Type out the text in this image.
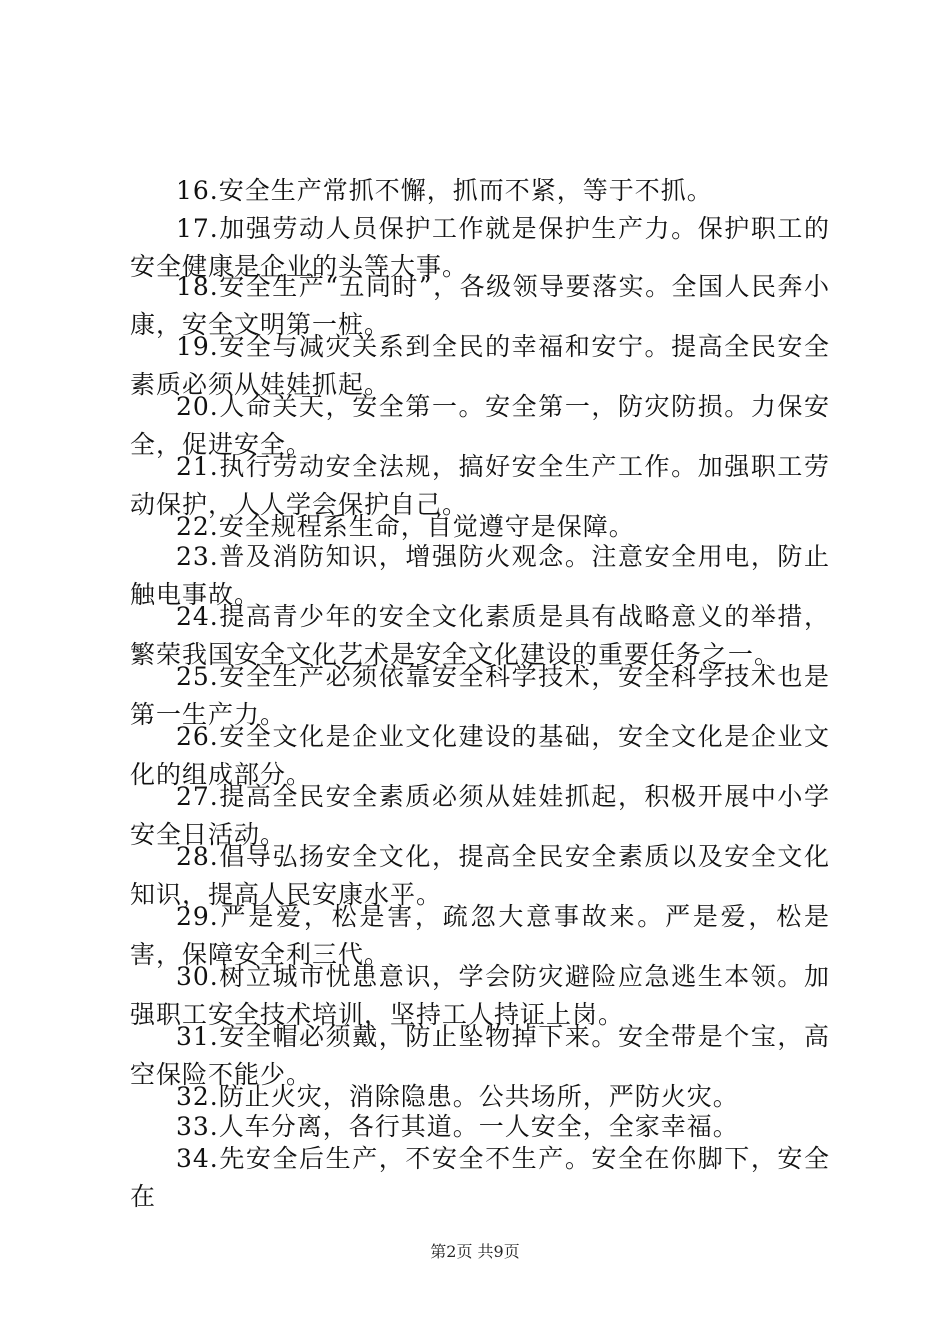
16.安全生产常抓不懈，抓而不紧，等于不抓。

17.加强劳动人员保护工作就是保护生产力。保护职工的安全健康是企业的头等大事。

18.安全生产“五同时”，各级领导要落实。全国人民奔小康，安全文明第一桩。

19.安全与减灾关系到全民的幸福和安宁。提高全民安全素质必须从娃娃抓起。

20.人命关天，安全第一。安全第一，防灾防损。力保安全，促进安全。

21.执行劳动安全法规，搞好安全生产工作。加强职工劳动保护，人人学会保护自己。

22.安全规程系生命，自觉遵守是保障。

23.普及消防知识，增强防火观念。注意安全用电，防止触电事故。

24.提高青少年的安全文化素质是具有战略意义的举措，繁荣我国安全文化艺术是安全文化建设的重要任务之一。

25.安全生产必须依靠安全科学技术，安全科学技术也是第一生产力。

26.安全文化是企业文化建设的基础，安全文化是企业文化的组成部分。

27.提高全民安全素质必须从娃娃抓起，积极开展中小学安全日活动。

28.倡导弘扬安全文化，提高全民安全素质以及安全文化知识，提高人民安康水平。

29.严是爱，松是害，疏忽大意事故来。严是爱，松是害，保障安全利三代。

30.树立城市忧患意识，学会防灾避险应急逃生本领。加强职工安全技术培训，坚持工人持证上岗。

31.安全帽必须戴，防止坠物掉下来。安全带是个宝，高空保险不能少。

32.防止火灾，消除隐患。公共场所，严防火灾。

33.人车分离，各行其道。一人安全，全家幸福。

34.先安全后生产，不安全不生产。安全在你脚下，安全在

第2页 共9页
